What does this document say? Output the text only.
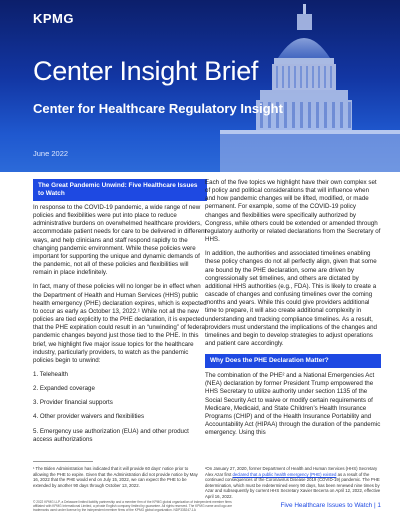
KPMG
Center Insight Brief
Center for Healthcare Regulatory Insight
June 2022
The Great Pandemic Unwind: Five Healthcare Issues to Watch

In response to the COVID-19 pandemic, a wide range of new policies and flexibilities were put into place to reduce administrative burdens on overwhelmed healthcare providers, accommodate patient needs for care to be delivered in different ways, and help clinicians and staff respond rapidly to the changing pandemic environment. While these policies were important for supporting the unique and dynamic demands of the pandemic, not all of these policies and flexibilities will remain in place indefinitely.

In fact, many of these policies will no longer be in effect when the Department of Health and Human Services (HHS) public health emergency (PHE) declaration expires, which is expected to occur as early as October 13, 2022.¹ While not all the new policies are tied explicitly to the PHE declaration, it is expected that the PHE expiration could result in an “unwinding” of federal pandemic changes beyond just those tied to the PHE. In this brief, we highlight five major issue topics for the healthcare industry, particularly providers, to watch as the pandemic policies begin to unwind:

1. Telehealth
2. Expanded coverage
3. Provider financial supports
4. Other provider waivers and flexibilities
5. Emergency use authorization (EUA) and other product access authorizations

Each of the five topics we highlight have their own complex set of policy and political considerations that will influence when and how pandemic changes will be lifted, modified, or made permanent. For example, some of the COVID-19 policy changes and flexibilities were specifically authorized by Congress, while others could be extended or amended through regulatory authority or related declarations from the Secretary of HHS.

In addition, the authorities and associated timelines enabling these policy changes do not all perfectly align, given that some are bound by the PHE declaration, some are driven by congressionally set timelines, and others are dictated by additional HHS authorities (e.g., FDA). This is likely to create a cascade of changes and confusing timelines over the coming months and years. While this could give providers additional time to prepare, it will also create additional complexity in understanding and tracking compliance timelines. As a result, providers must understand the implications of the changes and timelines and begin to develop strategies to adjust operations and patient care accordingly.

Why Does the PHE Declaration Matter?

The combination of the PHE² and a National Emergencies Act (NEA) declaration by former President Trump empowered the HHS Secretary to utilize authority under section 1135 of the Social Security Act to waive or modify certain requirements of Medicare, Medicaid, and State Children’s Health Insurance Programs (CHIP) and of the Health Insurance Portability and Accountability Act (HIPAA) through the duration of the pandemic emergency. Using this

¹ The Biden Administration has indicated that it will provide 60 days’ notice prior to allowing the PHE to expire. Given that the Administration did not provide notice by May 16, 2022 that the PHE would end on July 15, 2022, we can expect the PHE to be extended by another 90 days through October 13, 2022.
²On January 27, 2020, former Department of Health and Human Services (HHS) Secretary Alex Azar first declared that a public health emergency (PHE) existed as a result of the continued consequences of the Coronavirus Disease 2019 (COVID-19) pandemic. The PHE determination, which must be redetermined every 90 days, has been renewed nine times by Azar and subsequently by current HHS Secretary Xavier Becerra on April 12, 2022, effective April 16, 2022.
© 2022 KPMG LLP, a Delaware limited liability partnership and a member firm of the KPMG global organization of independent member firms affiliated with KPMG International Limited, a private English company limited by guarantee. All rights reserved. The KPMG name and logo are trademarks used under license by the independent member firms of the KPMG global organization. NDP335247-1A
Five Healthcare Issues to Watch | 1
